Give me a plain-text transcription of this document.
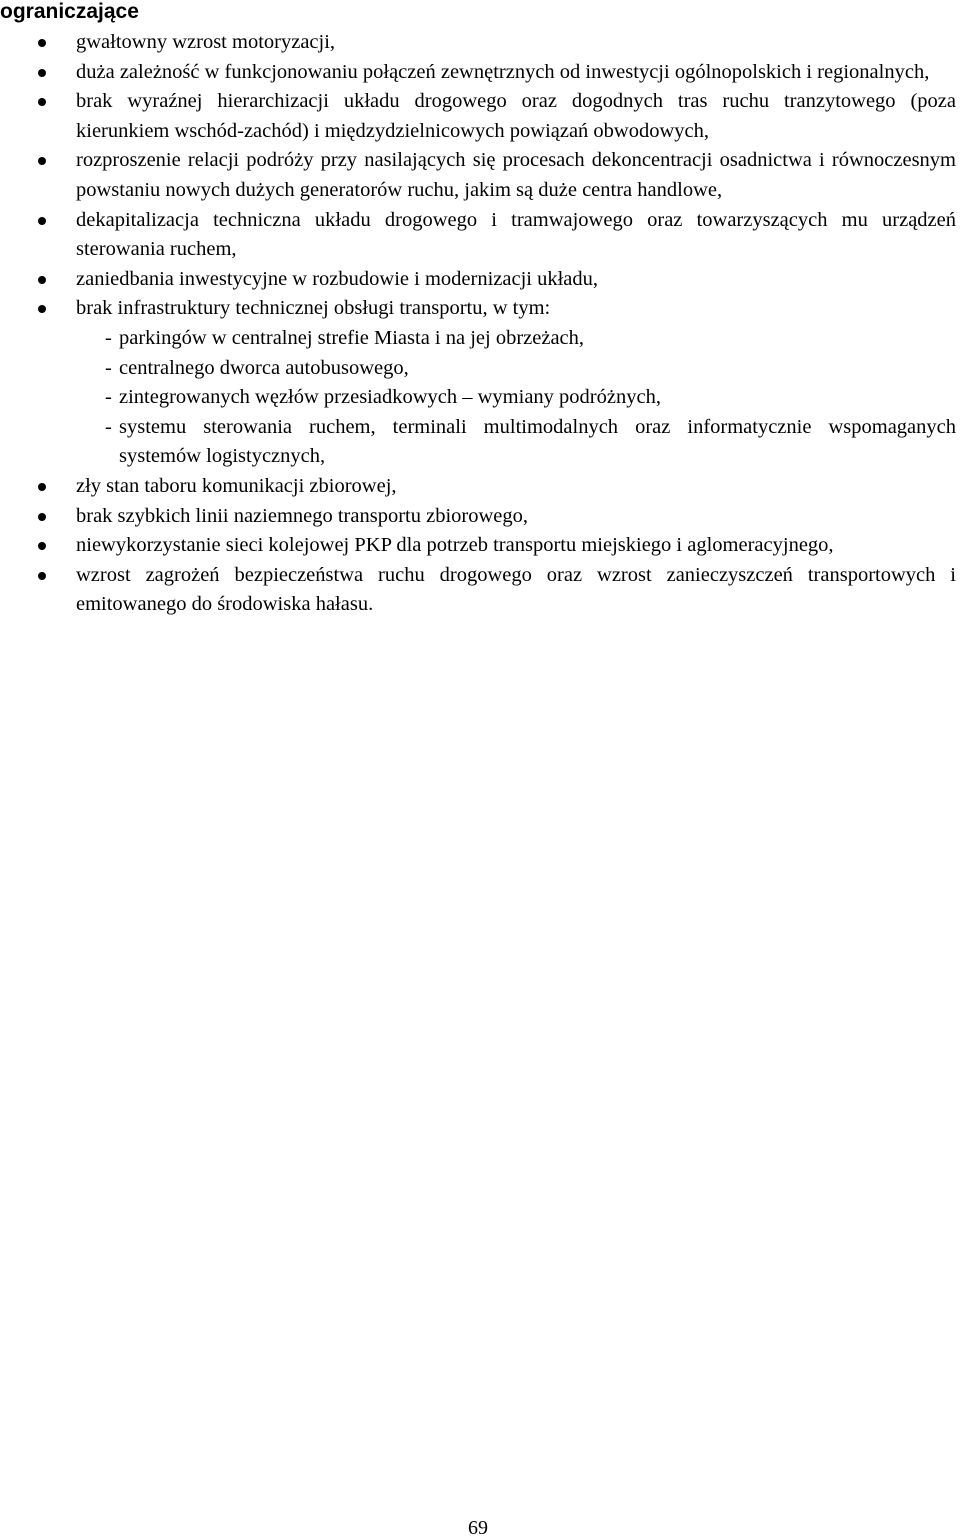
ograniczające
gwałtowny wzrost motoryzacji,
duża zależność w funkcjonowaniu połączeń zewnętrznych od inwestycji ogólnopolskich i regionalnych,
brak wyraźnej hierarchizacji układu drogowego oraz dogodnych tras ruchu tranzytowego (poza kierunkiem wschód-zachód) i międzydzielnicowych powiązań obwodowych,
rozproszenie relacji podróży przy nasilających się procesach dekoncentracji osadnictwa i równoczesnym powstaniu nowych dużych generatorów ruchu, jakim są duże centra handlowe,
dekapitalizacja techniczna układu drogowego i tramwajowego oraz towarzyszących mu urządzeń sterowania ruchem,
zaniedbania inwestycyjne w rozbudowie i modernizacji układu,
brak infrastruktury technicznej obsługi transportu, w tym:
- parkingów w centralnej strefie Miasta i na jej obrzeżach,
- centralnego dworca autobusowego,
- zintegrowanych węzłów przesiadkowych – wymiany podróżnych,
- systemu sterowania ruchem, terminali multimodalnych oraz informatycznie wspomaganych systemów logistycznych,
zły stan taboru komunikacji zbiorowej,
brak szybkich linii naziemnego transportu zbiorowego,
niewykorzystanie sieci kolejowej PKP dla potrzeb transportu miejskiego i aglomeracyjnego,
wzrost zagrożeń bezpieczeństwa ruchu drogowego oraz wzrost zanieczyszczeń transportowych i emitowanego do środowiska hałasu.
69
